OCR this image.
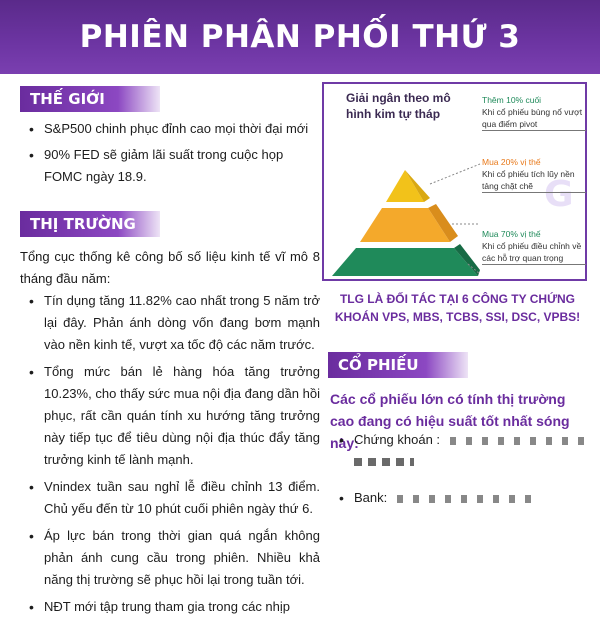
PHIÊN PHÂN PHỐI THỨ 3
THẾ GIỚI
• S&P500 chinh phục đỉnh cao mọi thời đại mới
• 90% FED sẽ giảm lãi suất trong cuộc họp FOMC ngày 18.9.
THỊ TRƯỜNG

Tổng cục thống kê công bố số liệu kinh tế vĩ mô 8 tháng đầu năm:

• Tín dụng tăng 11.82% cao nhất trong 5 năm trở lại đây. Phản ánh dòng vốn đang bơm mạnh vào nền kinh tế, vượt xa tốc độ các năm trước.
• Tổng mức bán lẻ hàng hóa tăng trưởng 10.23%, cho thấy sức mua nội địa đang dần hồi phục, rất cần quán tính xu hướng tăng trưởng này tiếp tục để tiêu dùng nội địa thúc đẩy tăng trưởng kinh tế lành mạnh.
• Vnindex tuần sau nghỉ lễ điều chỉnh 13 điểm. Chủ yếu đến từ 10 phút cuối phiên ngày thứ 6.
• Áp lực bán trong thời gian quá ngắn không phản ánh cung cầu trong phiên. Nhiều khả năng thị trường sẽ phục hồi lại trong tuần tới.
• NĐT mới tập trung tham gia trong các nhịp
Giải ngân theo mô hình kim tự tháp
G
Thêm 10% cuối
Khi cổ phiếu bùng nổ vượt qua điểm pivot
Mua 20% vị thế
Khi cổ phiếu tích lũy nền tảng chặt chẽ
Mua 70% vị thế
Khi cổ phiếu điều chỉnh về các hỗ trợ quan trọng
TLG LÀ ĐỐI TÁC TẠI 6 CÔNG TY CHỨNG KHOÁN VPS, MBS, TCBS, SSI, DSC, VPBS!
CỔ PHIẾU

Các cổ phiếu lớn có tính thị trường cao đang có hiệu suất tốt nhất sóng này:

• Chứng khoán :
• Bank:
